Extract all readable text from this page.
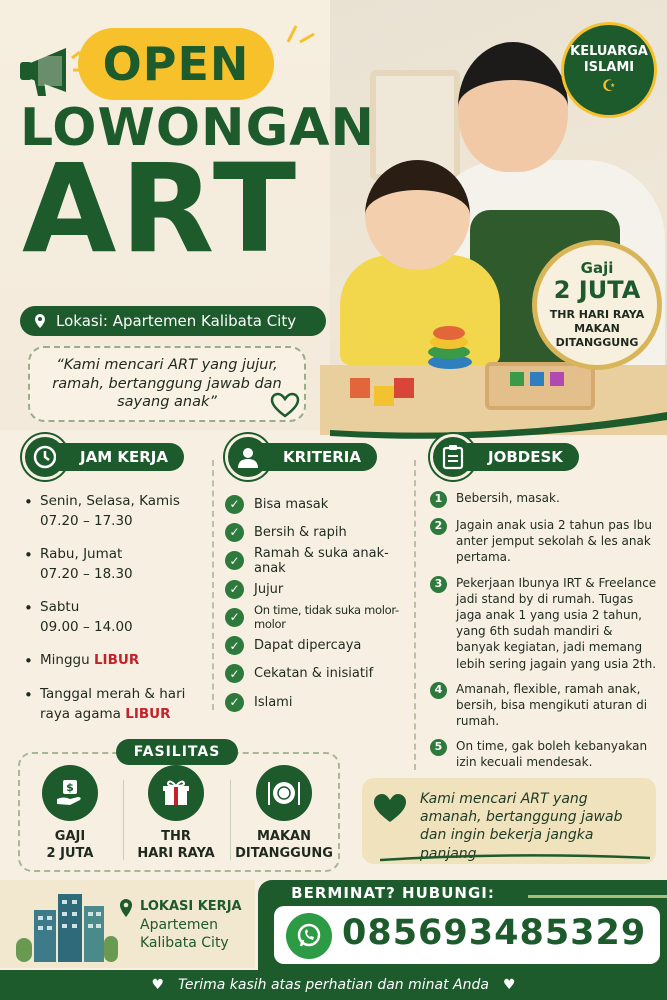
OPEN
LOWONGAN
ART
Lokasi: Apartemen Kalibata City
“Kami mencari ART yang jujur, ramah, bertanggung jawab dan sayang anak”
KELUARGA
ISLAMI
☪
Gaji
2 JUTA
THR HARI RAYA
MAKAN
DITANGGUNG
JAM KERJA
• Senin, Selasa, Kamis
07.20 – 17.30
• Rabu, Jumat
07.20 – 18.30
• Sabtu
09.00 – 14.00
• Minggu LIBUR
• Tanggal merah & hari raya agama LIBUR
KRITERIA
✓	Bisa masak
✓	Bersih & rapih
✓	Ramah & suka anak-anak
✓	Jujur
✓	On time, tidak suka molor-molor
✓	Dapat dipercaya
✓	Cekatan & inisiatif
✓	Islami
JOBDESK
1	Bebersih, masak.
2	Jagain anak usia 2 tahun pas Ibu anter jemput sekolah & les anak pertama.
3	Pekerjaan Ibunya IRT & Freelance jadi stand by di rumah. Tugas jaga anak 1 yang usia 2 tahun, yang 6th sudah mandiri & banyak kegiatan, jadi memang lebih sering jagain yang usia 2th.
4	Amanah, flexible, ramah anak, bersih, bisa mengikuti aturan di rumah.
5	On time, gak boleh kebanyakan izin kecuali mendesak.
FASILITAS
$
GAJI
2 JUTA
THR
HARI RAYA
MAKAN
DITANGGUNG
Kami mencari ART yang amanah, bertanggung jawab dan ingin bekerja jangka panjang
LOKASI KERJA
Apartemen
Kalibata City
BERMINAT? HUBUNGI:
085693485329
♥ Terima kasih atas perhatian dan minat Anda ♥
